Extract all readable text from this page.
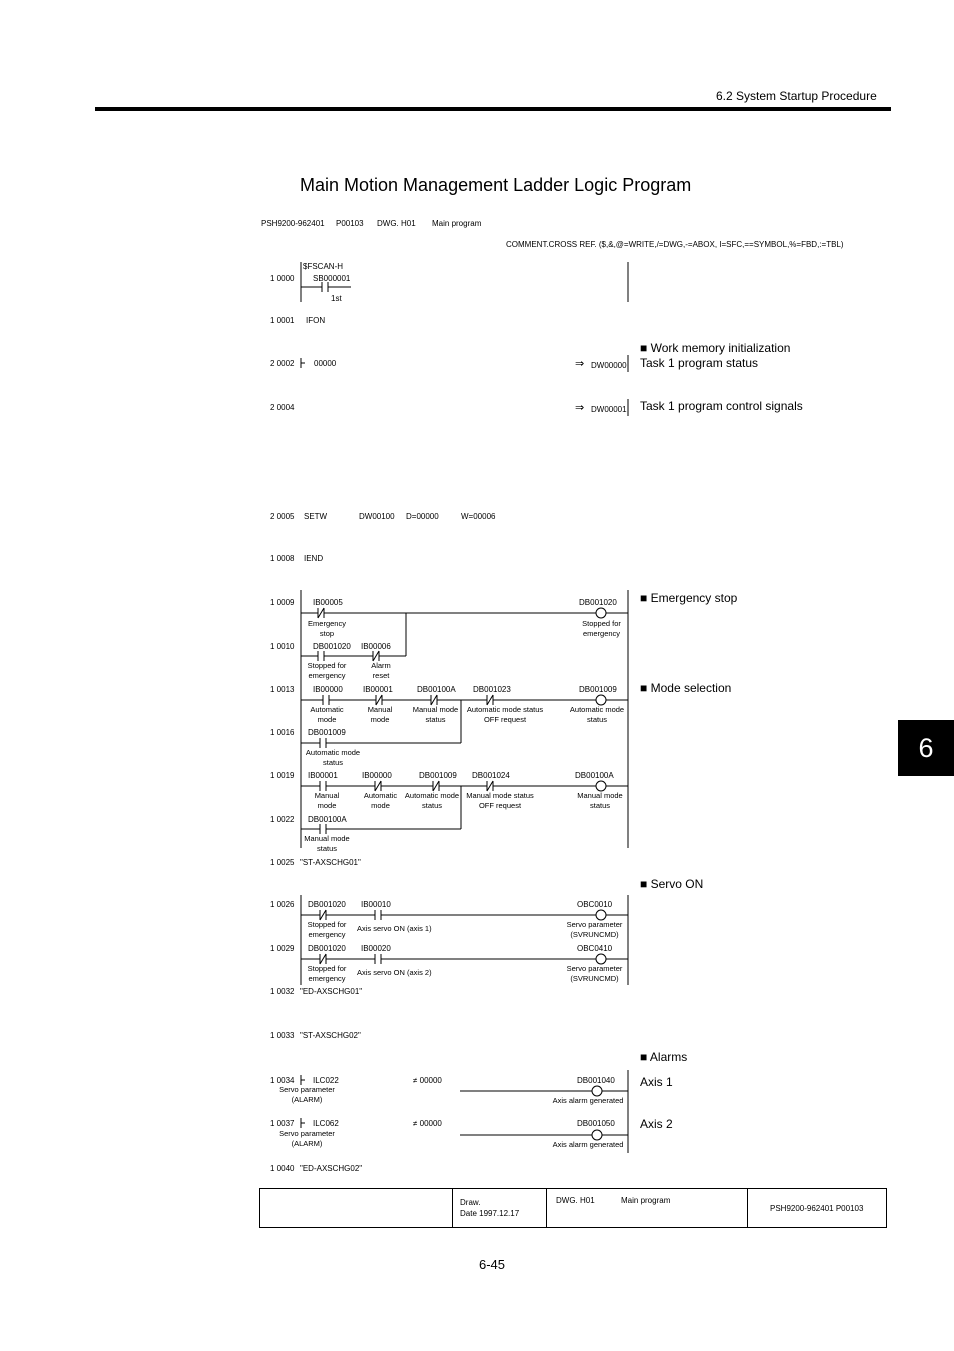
6.2 System Startup Procedure
Main Motion Management Ladder Logic Program
PSH9200-962401 P00103 DWG. H01 Main program
COMMENT.CROSS REF. ($,&,@=WRITE,/=DWG,-=ABOX, I=SFC,==SYMBOL,%=FBD,:=TBL)
1 0000
$FSCAN-H
SB000001
1st
1 0001 IFON
2 0002 00000	⇒ DW00000
2 0004	⇒ DW00001
2 0005 SETW	DW00100 D=00000	W=00006
1 0008 IEND
1 0009 IB00005
Emergency stop
DB001020
Stopped for emergency
1 0010 DB001020
Stopped for emergency
IB00006
Alarm reset
1 0013 IB00000
Automatic mode
IB00001
Manual mode
DB00100A
Manual mode status
DB001023
Automatic mode status OFF request
DB001009
Automatic mode status
1 0016 DB001009
Automatic mode status
1 0019 IB00001
Manual mode
IB00000
Automatic mode
DB001009
Automatic mode status
DB001024
Manual mode status OFF request
DB00100A
Manual mode status
1 0022 DB00100A
Manual mode status
1 0025 "ST-AXSCHG01"
1 0026 DB001020
Stopped for emergency
IB00010
Axis servo ON (axis 1)
OBC0010
Servo parameter (SVRUNCMD)
1 0029 DB001020
Stopped for emergency
IB00020
Axis servo ON (axis 2)
OBC0410
Servo parameter (SVRUNCMD)
1 0032 "ED-AXSCHG01"
1 0033 "ST-AXSCHG02"
1 0034 ILC022
Servo parameter (ALARM)
≠ 00000	DB001040
Axis alarm generated
1 0037 ILC062
Servo parameter (ALARM)
≠ 00000	DB001050
Axis alarm generated
1 0040 "ED-AXSCHG02"
■ Work memory initialization
Task 1 program status
Task 1 program control signals
■ Emergency stop
■ Mode selection
■ Servo ON
■ Alarms
Axis 1
Axis 2
Draw.
Date 1997.12.17
DWG. H01	Main program
PSH9200-962401 P00103
6-45
6
